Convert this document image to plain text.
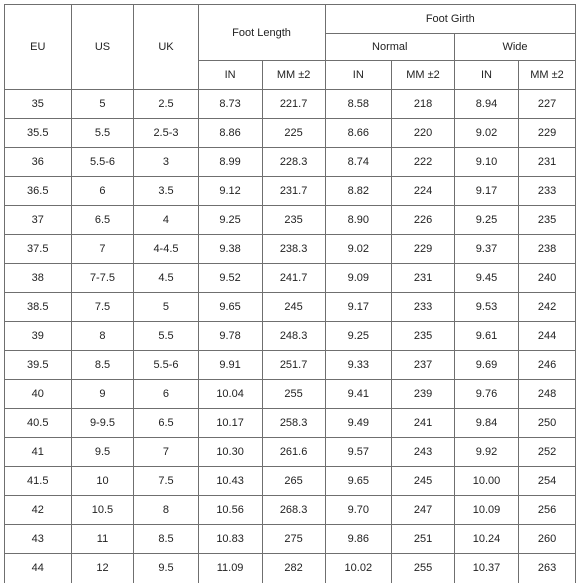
EU	US	UK	Foot Length		Foot Girth			
					Normal		Wide	
			IN	MM ±2	IN	MM ±2	IN	MM ±2
35	5	2.5	8.73	221.7	8.58	218	8.94	227
35.5	5.5	2.5-3	8.86	225	8.66	220	9.02	229
36	5.5-6	3	8.99	228.3	8.74	222	9.10	231
36.5	6	3.5	9.12	231.7	8.82	224	9.17	233
37	6.5	4	9.25	235	8.90	226	9.25	235
37.5	7	4-4.5	9.38	238.3	9.02	229	9.37	238
38	7-7.5	4.5	9.52	241.7	9.09	231	9.45	240
38.5	7.5	5	9.65	245	9.17	233	9.53	242
39	8	5.5	9.78	248.3	9.25	235	9.61	244
39.5	8.5	5.5-6	9.91	251.7	9.33	237	9.69	246
40	9	6	10.04	255	9.41	239	9.76	248
40.5	9-9.5	6.5	10.17	258.3	9.49	241	9.84	250
41	9.5	7	10.30	261.6	9.57	243	9.92	252
41.5	10	7.5	10.43	265	9.65	245	10.00	254
42	10.5	8	10.56	268.3	9.70	247	10.09	256
43	11	8.5	10.83	275	9.86	251	10.24	260
44	12	9.5	11.09	282	10.02	255	10.37	263
